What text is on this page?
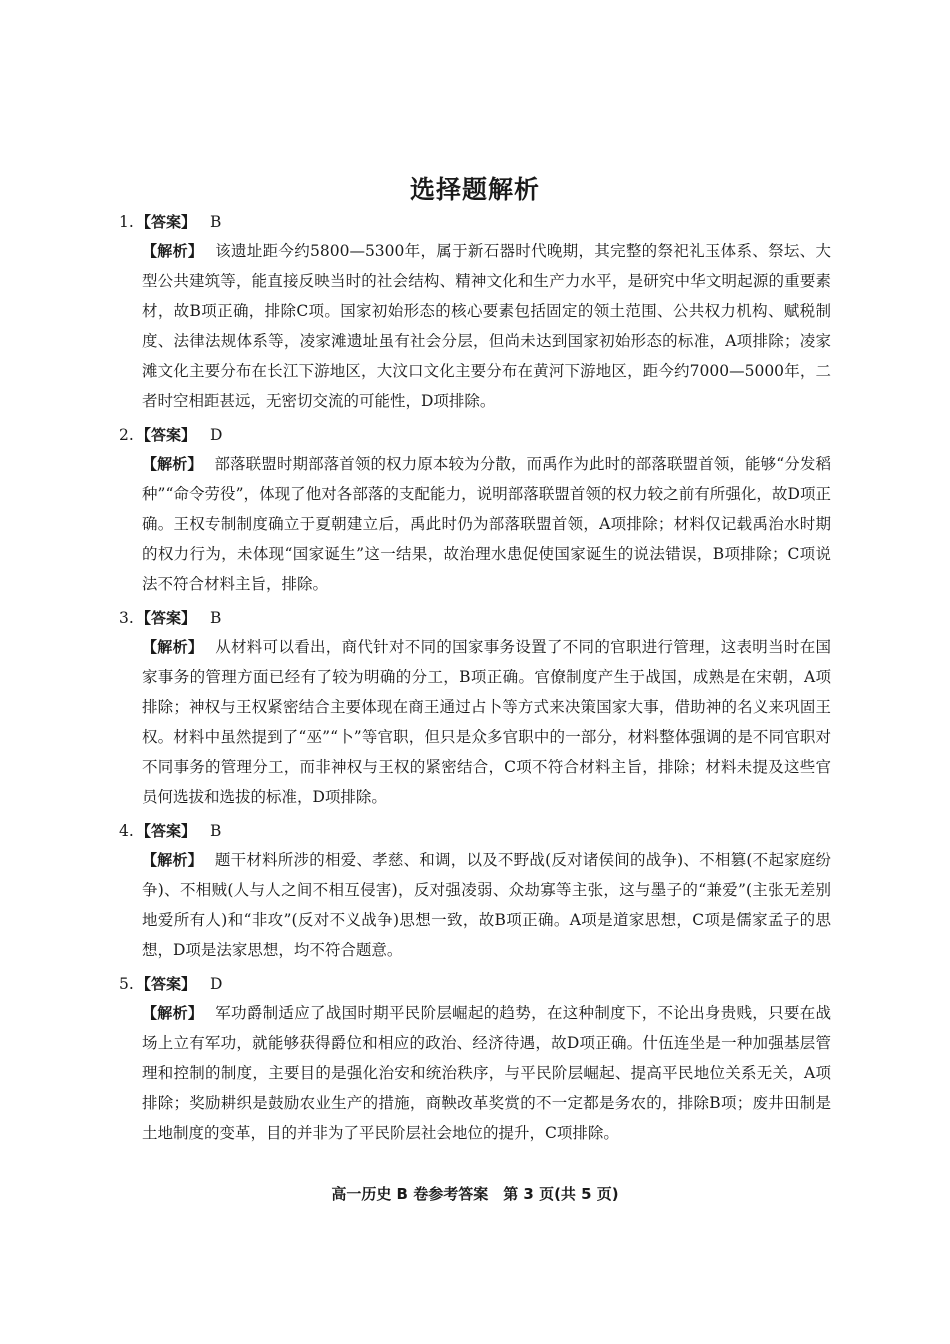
选择题解析
1. 【答案】 B

【解析】 该遗址距今约5800—5300年，属于新石器时代晚期，其完整的祭祀礼玉体系、祭坛、大型公共建筑等，能直接反映当时的社会结构、精神文化和生产力水平，是研究中华文明起源的重要素材，故B项正确，排除C项。国家初始形态的核心要素包括固定的领土范围、公共权力机构、赋税制度、法律法规体系等，凌家滩遗址虽有社会分层，但尚未达到国家初始形态的标准，A项排除；凌家滩文化主要分布在长江下游地区，大汶口文化主要分布在黄河下游地区，距今约7000—5000年，二者时空相距甚远，无密切交流的可能性，D项排除。

2. 【答案】 D

【解析】 部落联盟时期部落首领的权力原本较为分散，而禹作为此时的部落联盟首领，能够“分发稻种”“命令劳役”，体现了他对各部落的支配能力，说明部落联盟首领的权力较之前有所强化，故D项正确。王权专制制度确立于夏朝建立后，禹此时仍为部落联盟首领，A项排除；材料仅记载禹治水时期的权力行为，未体现“国家诞生”这一结果，故治理水患促使国家诞生的说法错误，B项排除；C项说法不符合材料主旨，排除。

3. 【答案】 B

【解析】 从材料可以看出，商代针对不同的国家事务设置了不同的官职进行管理，这表明当时在国家事务的管理方面已经有了较为明确的分工，B项正确。官僚制度产生于战国，成熟是在宋朝，A项排除；神权与王权紧密结合主要体现在商王通过占卜等方式来决策国家大事，借助神的名义来巩固王权。材料中虽然提到了“巫”“卜”等官职，但只是众多官职中的一部分，材料整体强调的是不同官职对不同事务的管理分工，而非神权与王权的紧密结合，C项不符合材料主旨，排除；材料未提及这些官员何选拔和选拔的标准，D项排除。

4. 【答案】 B

【解析】 题干材料所涉的相爱、孝慈、和调，以及不野战(反对诸侯间的战争)、不相篡(不起家庭纷争)、不相贼(人与人之间不相互侵害)，反对强凌弱、众劫寡等主张，这与墨子的“兼爱”(主张无差别地爱所有人)和“非攻”(反对不义战争)思想一致，故B项正确。A项是道家思想，C项是儒家孟子的思想，D项是法家思想，均不符合题意。

5. 【答案】 D

【解析】 军功爵制适应了战国时期平民阶层崛起的趋势，在这种制度下，不论出身贵贱，只要在战场上立有军功，就能够获得爵位和相应的政治、经济待遇，故D项正确。什伍连坐是一种加强基层管理和控制的制度，主要目的是强化治安和统治秩序，与平民阶层崛起、提高平民地位关系无关，A项排除；奖励耕织是鼓励农业生产的措施，商鞅改革奖赏的不一定都是务农的，排除B项；废井田制是土地制度的变革，目的并非为了平民阶层社会地位的提升，C项排除。

高一历史 B 卷参考答案　第 3 页(共 5 页)
